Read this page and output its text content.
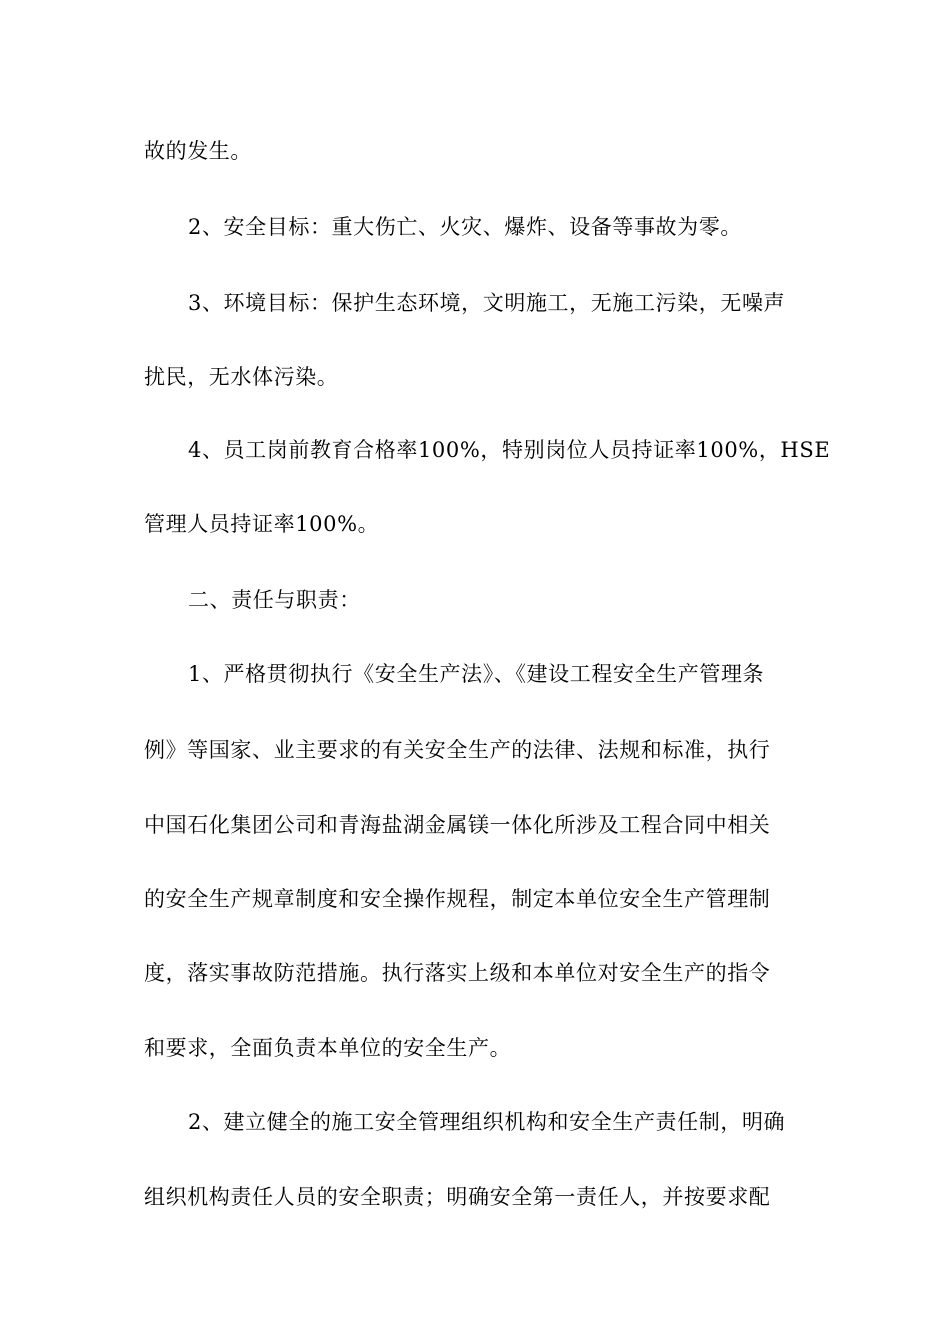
故的发生。
2、安全目标：重大伤亡、火灾、爆炸、设备等事故为零。
3、环境目标：保护生态环境，文明施工，无施工污染，无噪声
扰民，无水体污染。
4、员工岗前教育合格率100%，特别岗位人员持证率100%，HSE
管理人员持证率100%。
二、责任与职责：
1、严格贯彻执行《安全生产法》、《建设工程安全生产管理条
例》等国家、业主要求的有关安全生产的法律、法规和标准，执行
中国石化集团公司和青海盐湖金属镁一体化所涉及工程合同中相关
的安全生产规章制度和安全操作规程，制定本单位安全生产管理制
度，落实事故防范措施。执行落实上级和本单位对安全生产的指令
和要求，全面负责本单位的安全生产。
2、建立健全的施工安全管理组织机构和安全生产责任制，明确
组织机构责任人员的安全职责；明确安全第一责任人，并按要求配
